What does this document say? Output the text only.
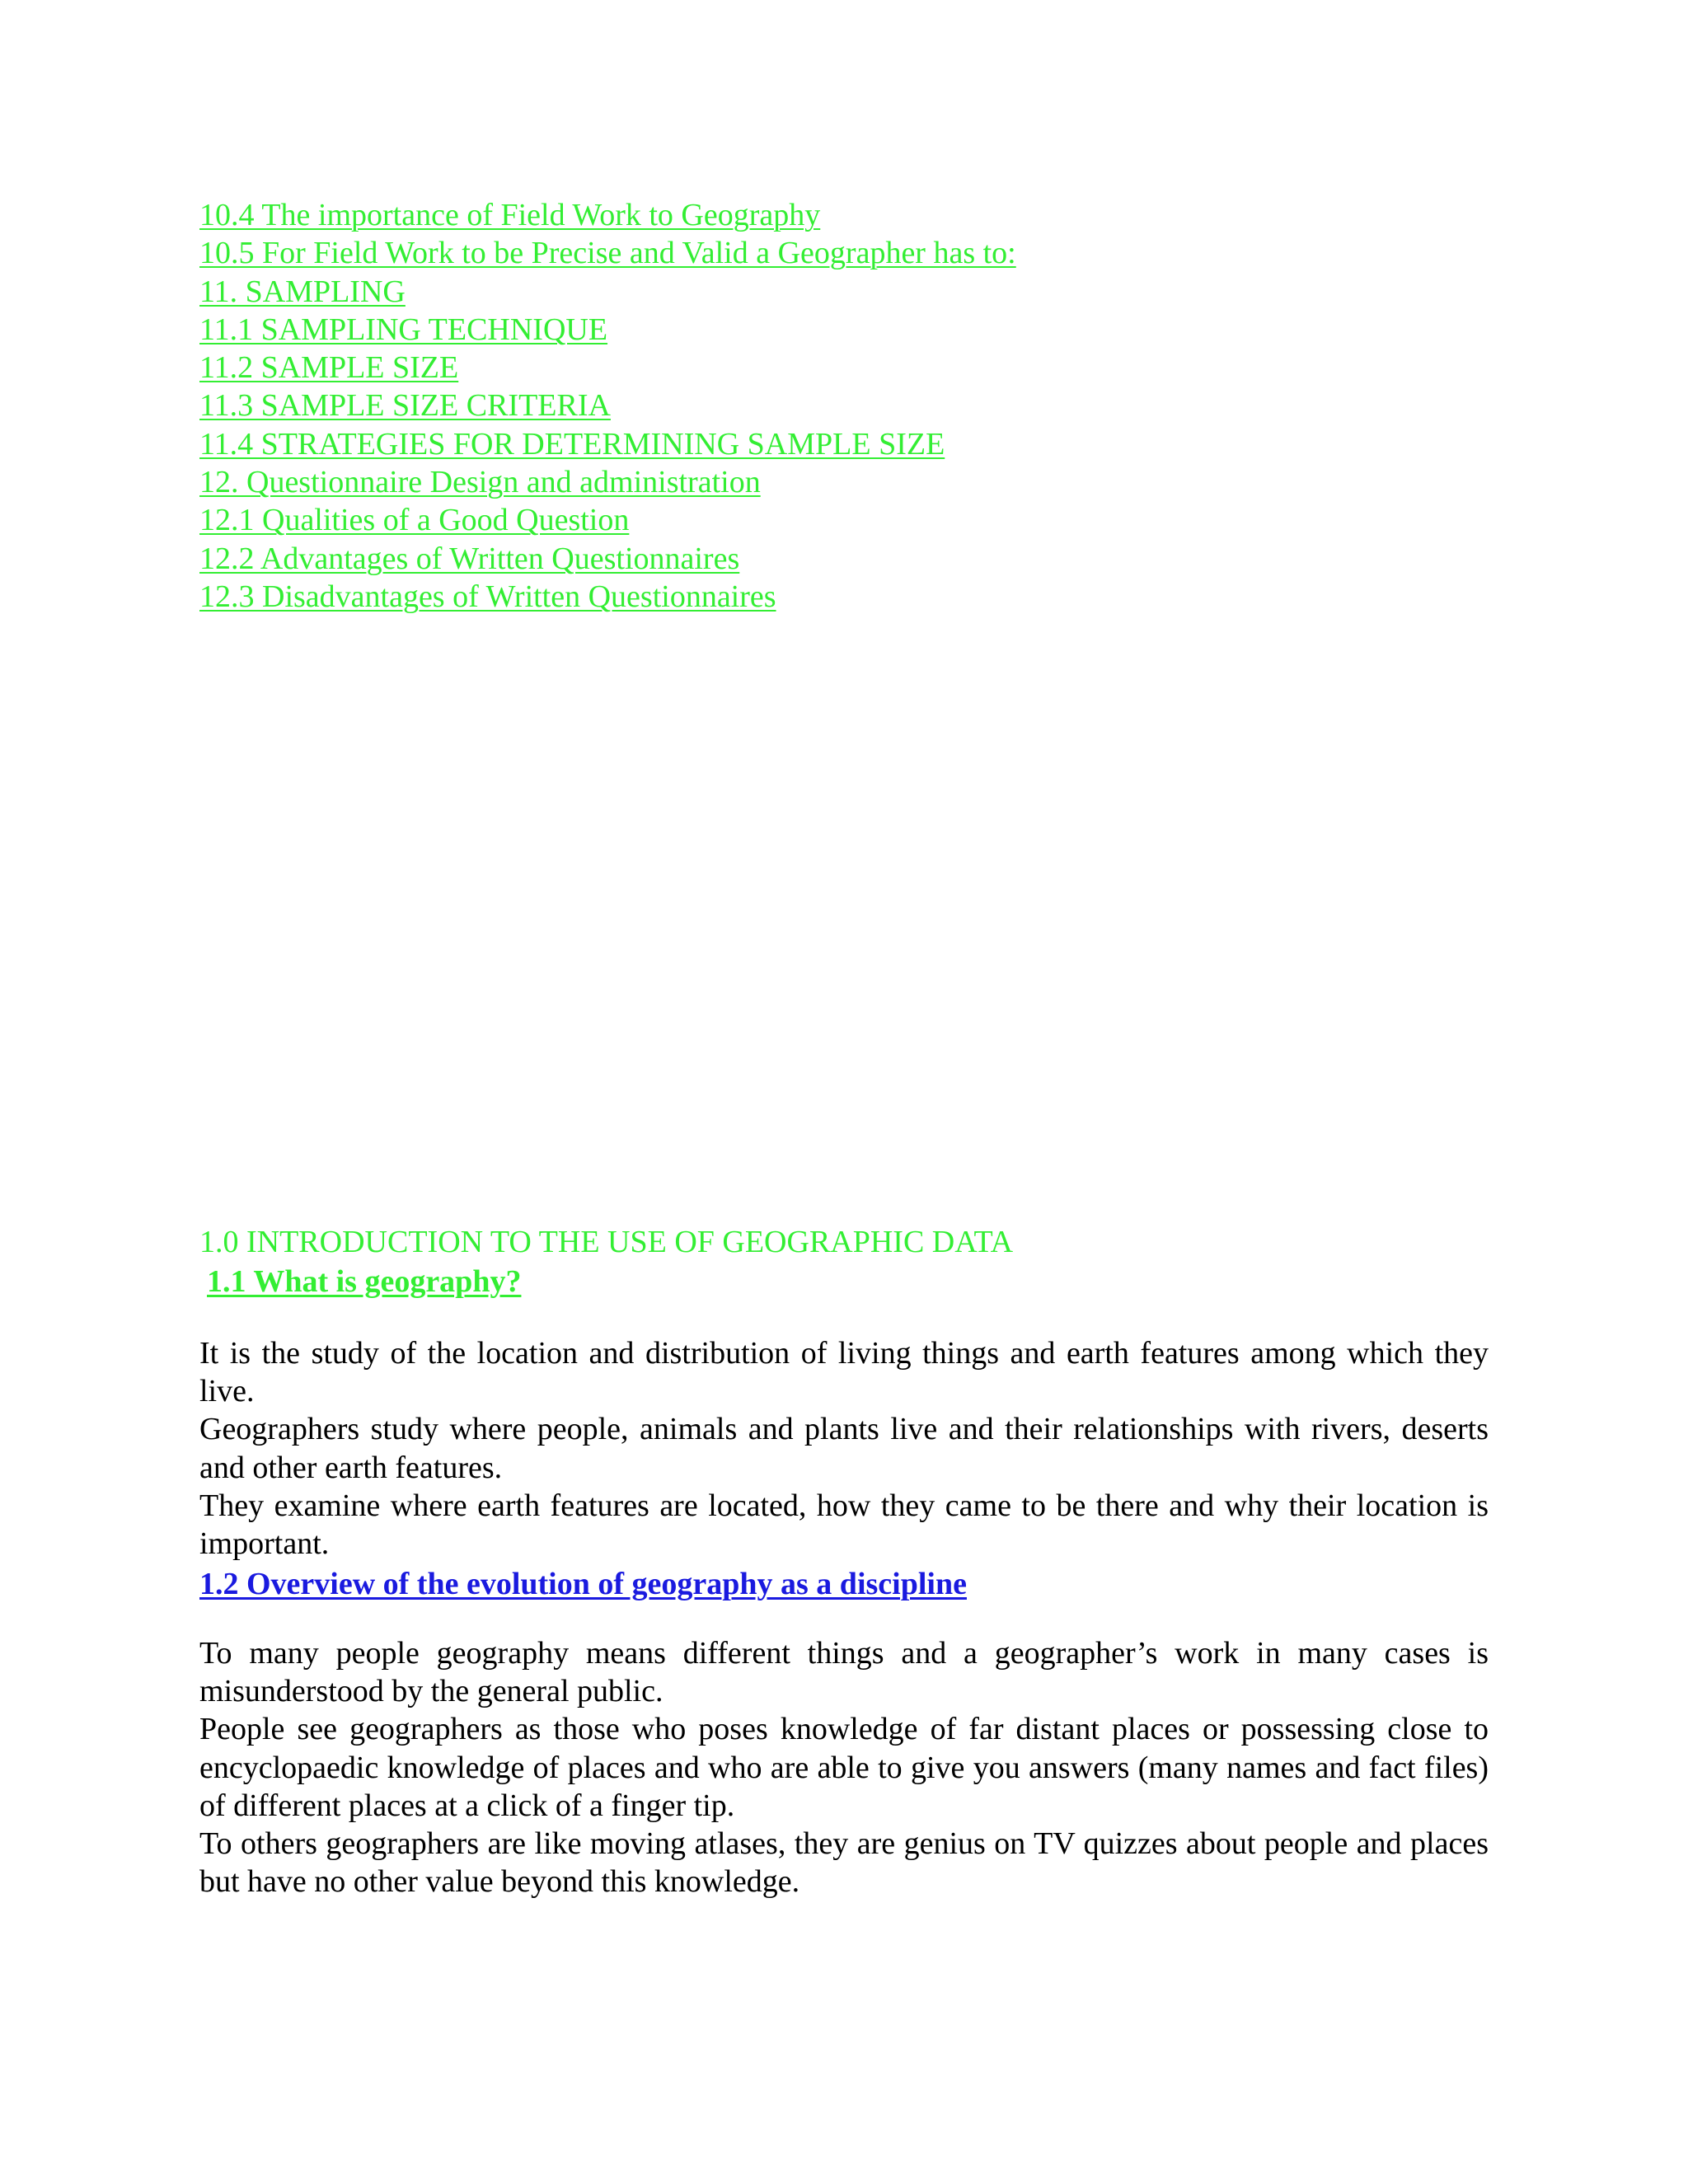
10.4 The importance of Field Work to Geography
10.5 For Field Work to be Precise and Valid a Geographer has to:
11. SAMPLING
11.1 SAMPLING TECHNIQUE
11.2 SAMPLE SIZE
11.3 SAMPLE SIZE CRITERIA
11.4 STRATEGIES FOR DETERMINING SAMPLE SIZE
12. Questionnaire Design and administration
12.1 Qualities of a Good Question
12.2 Advantages of Written Questionnaires
12.3 Disadvantages of Written Questionnaires
1.0 INTRODUCTION TO THE USE OF GEOGRAPHIC DATA
1.1 What is geography?

It is the study of the location and distribution of living things and earth features among which they live.

Geographers study where people, animals and plants live and their relationships with rivers, deserts and other earth features.

They examine where earth features are located, how they came to be there and why their location is important.

1.2 Overview of the evolution of geography as a discipline

To many people geography means different things and a geographer’s work in many cases is misunderstood by the general public.

People see geographers as those who poses knowledge of far distant places or possessing close to encyclopaedic knowledge of places and who are able to give you answers (many names and fact files) of different places at a click of a finger tip.

To others geographers are like moving atlases, they are genius on TV quizzes about people and places but have no other value beyond this knowledge.
